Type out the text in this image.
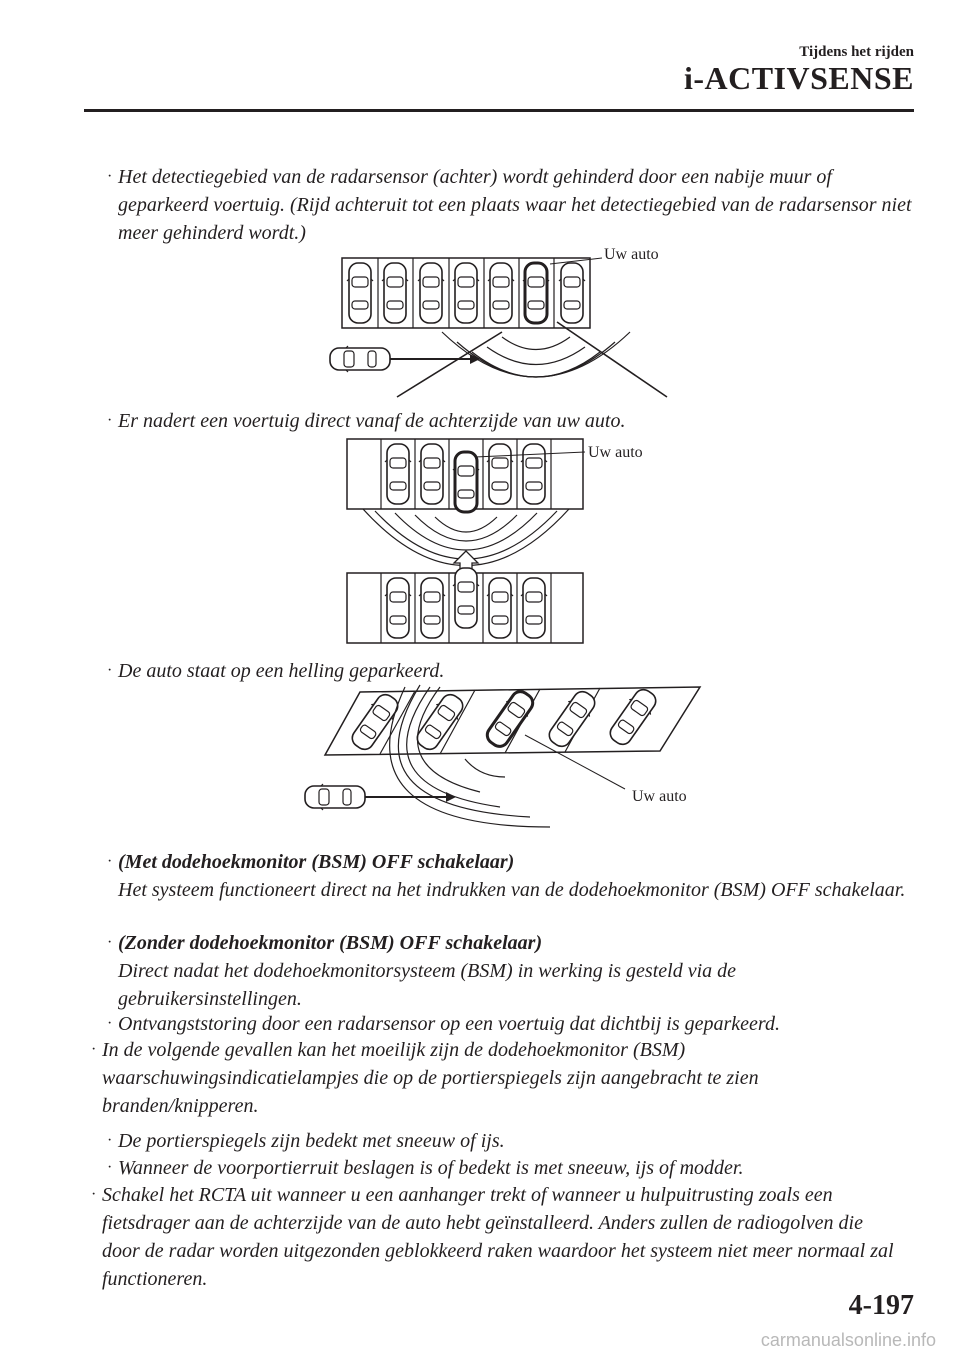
Tijdens het rijden
i-ACTIVSENSE
· Het detectiegebied van de radarsensor (achter) wordt gehinderd door een nabije muur of geparkeerd voertuig. (Rijd achteruit tot een plaats waar het detectiegebied van de radarsensor niet meer gehinderd wordt.)
Uw auto
· Er nadert een voertuig direct vanaf de achterzijde van uw auto.
Uw auto
· De auto staat op een helling geparkeerd.
Uw auto
· (Met dodehoekmonitor (BSM) OFF schakelaar)
Het systeem functioneert direct na het indrukken van de dodehoekmonitor (BSM) OFF schakelaar.
· (Zonder dodehoekmonitor (BSM) OFF schakelaar)
Direct nadat het dodehoekmonitorsysteem (BSM) in werking is gesteld via de gebruikersinstellingen.
· Ontvangststoring door een radarsensor op een voertuig dat dichtbij is geparkeerd.
· In de volgende gevallen kan het moeilijk zijn de dodehoekmonitor (BSM) waarschuwingsindicatielampjes die op de portierspiegels zijn aangebracht te zien branden/knipperen.
· De portierspiegels zijn bedekt met sneeuw of ijs.
· Wanneer de voorportierruit beslagen is of bedekt is met sneeuw, ijs of modder.
· Schakel het RCTA uit wanneer u een aanhanger trekt of wanneer u hulpuitrusting zoals een fietsdrager aan de achterzijde van de auto hebt geïnstalleerd. Anders zullen de radiogolven die door de radar worden uitgezonden geblokkeerd raken waardoor het systeem niet meer normaal zal functioneren.
4-197
carmanualsonline.info
